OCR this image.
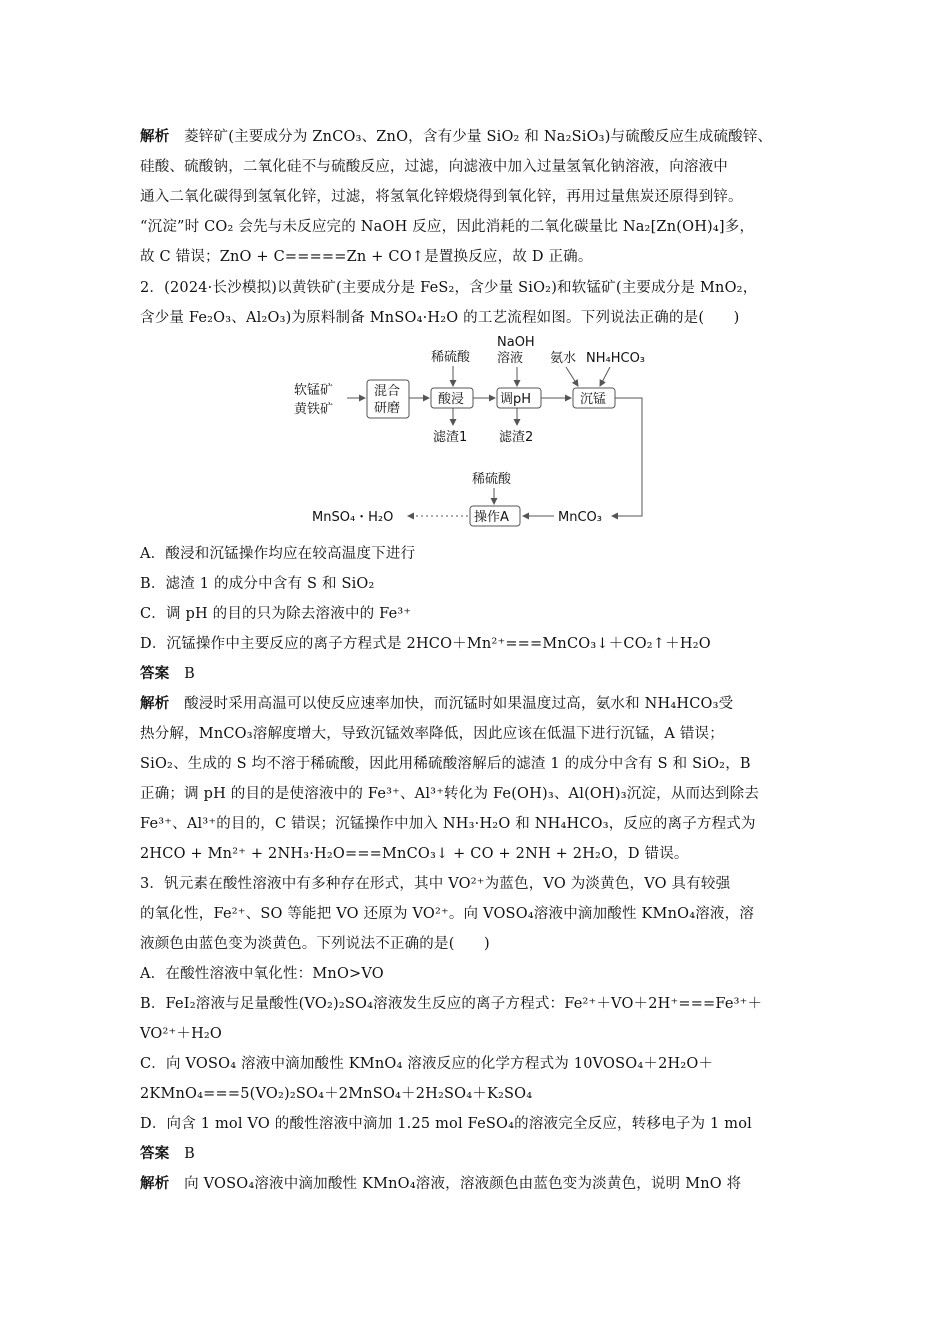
解析　 菱锌矿(主要成分为 ZnCO₃、ZnO，含有少量 SiO₂ 和 Na₂SiO₃)与硫酸反应生成硫酸锌、
硅酸、硫酸钠，二氧化硅不与硫酸反应，过滤，向滤液中加入过量氢氧化钠溶液，向溶液中
通入二氧化碳得到氢氧化锌，过滤，将氢氧化锌煅烧得到氧化锌，再用过量焦炭还原得到锌。
“沉淀”时 CO₂ 会先与未反应完的 NaOH 反应，因此消耗的二氧化碳量比 Na₂[Zn(OH)₄]多，
故 C 错误；ZnO + C=====Zn + CO↑是置换反应，故 D 正确。
2．(2024·长沙模拟)以黄铁矿(主要成分是 FeS₂，含少量 SiO₂)和软锰矿(主要成分是 MnO₂，
含少量 Fe₂O₃、Al₂O₃)为原料制备 MnSO₄·H₂O 的工艺流程如图。下列说法正确的是(　　)
A．酸浸和沉锰操作均应在较高温度下进行
B．滤渣 1 的成分中含有 S 和 SiO₂
C．调 pH 的目的只为除去溶液中的 Fe³⁺
D．沉锰操作中主要反应的离子方程式是 2HCO＋Mn²⁺===MnCO₃↓＋CO₂↑＋H₂O
答案　 B
解析　 酸浸时采用高温可以使反应速率加快，而沉锰时如果温度过高，氨水和 NH₄HCO₃受
热分解，MnCO₃溶解度增大，导致沉锰效率降低，因此应该在低温下进行沉锰，A 错误；
SiO₂、生成的 S 均不溶于稀硫酸，因此用稀硫酸溶解后的滤渣 1 的成分中含有 S 和 SiO₂，B
正确；调 pH 的目的是使溶液中的 Fe³⁺、Al³⁺转化为 Fe(OH)₃、Al(OH)₃沉淀，从而达到除去
Fe³⁺、Al³⁺的目的，C 错误；沉锰操作中加入 NH₃·H₂O 和 NH₄HCO₃，反应的离子方程式为
2HCO + Mn²⁺ + 2NH₃·H₂O===MnCO₃↓ + CO + 2NH + 2H₂O，D 错误。
3．钒元素在酸性溶液中有多种存在形式，其中 VO²⁺为蓝色，VO 为淡黄色，VO 具有较强
的氧化性，Fe²⁺、SO 等能把 VO 还原为 VO²⁺。向 VOSO₄溶液中滴加酸性 KMnO₄溶液，溶
液颜色由蓝色变为淡黄色。下列说法不正确的是(　　)
A．在酸性溶液中氧化性：MnO>VO
B．FeI₂溶液与足量酸性(VO₂)₂SO₄溶液发生反应的离子方程式：Fe²⁺＋VO＋2H⁺===Fe³⁺＋
VO²⁺＋H₂O
C．向 VOSO₄ 溶液中滴加酸性 KMnO₄ 溶液反应的化学方程式为 10VOSO₄＋2H₂O＋
2KMnO₄===5(VO₂)₂SO₄＋2MnSO₄＋2H₂SO₄＋K₂SO₄
D．向含 1 mol VO 的酸性溶液中滴加 1.25 mol FeSO₄的溶液完全反应，转移电子为 1 mol
答案　 B
解析　 向 VOSO₄溶液中滴加酸性 KMnO₄溶液，溶液颜色由蓝色变为淡黄色，说明 MnO 将
软锰矿
黄铁矿
混合
研磨
稀硫酸
酸浸
滤渣1
NaOH
溶液
调pH
滤渣2
氨水 NH₄HCO₃
沉锰
MnCO₃
稀硫酸
操作A
MnSO₄・H₂O
